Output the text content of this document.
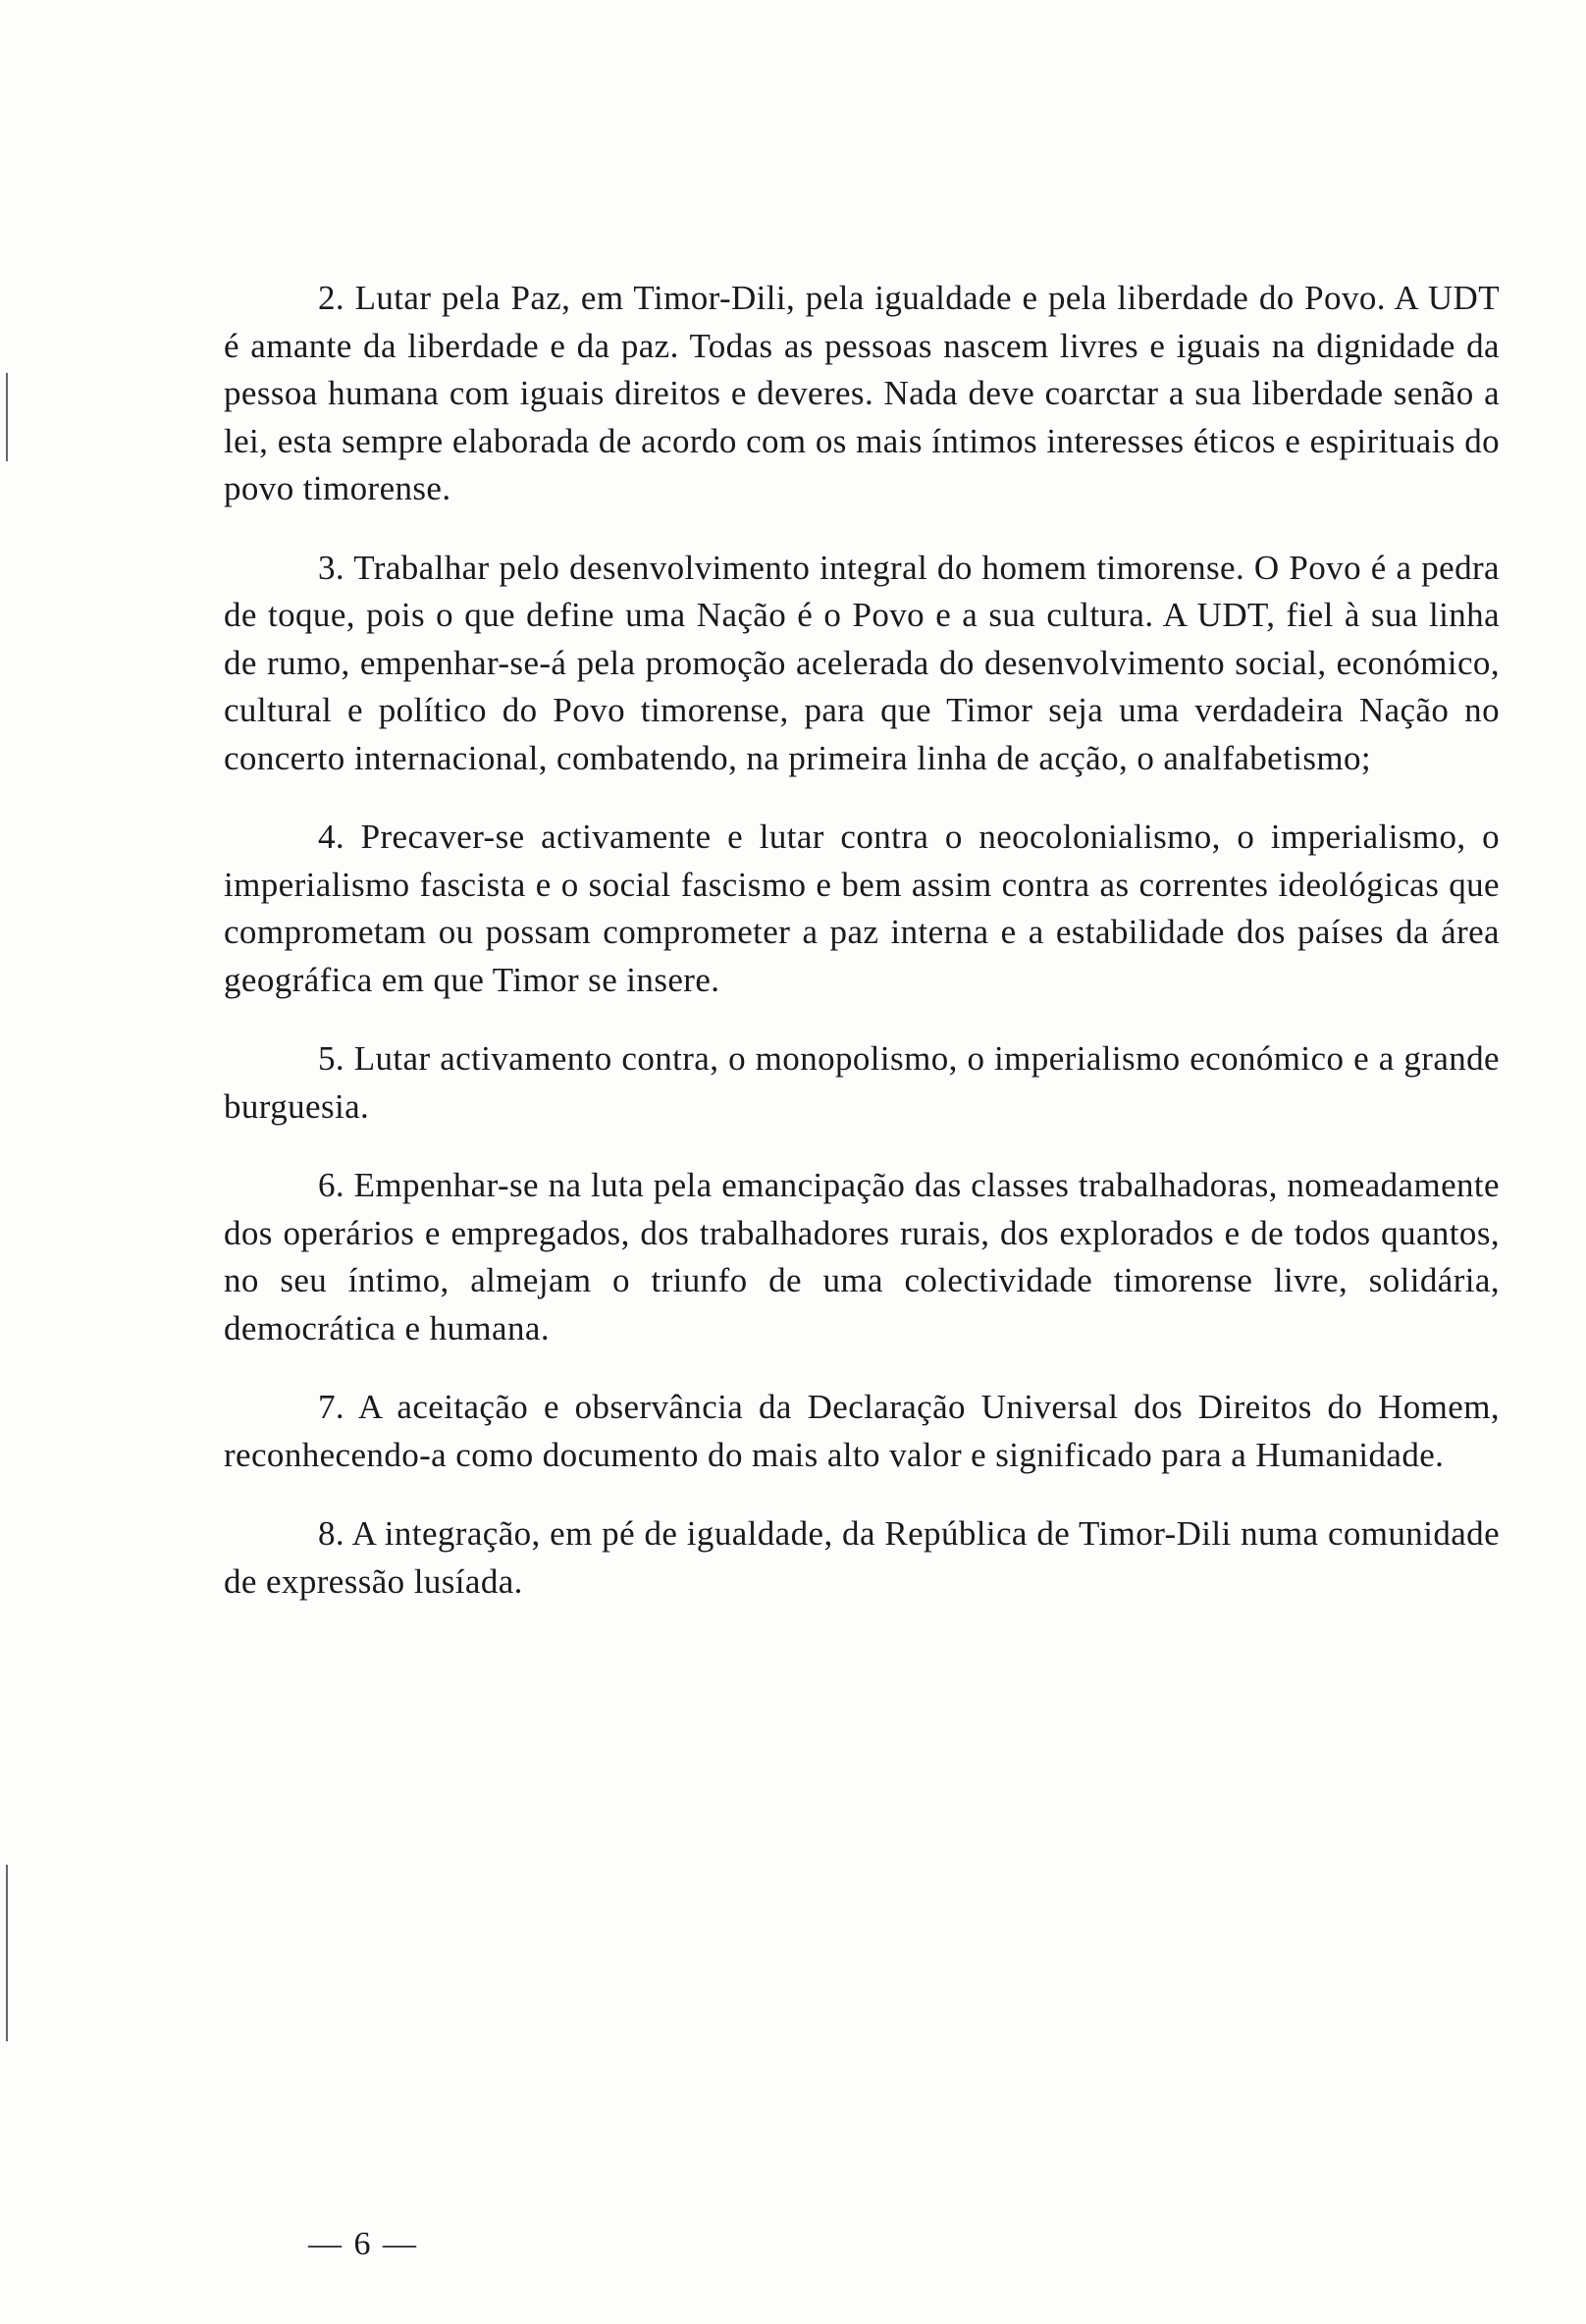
2. Lutar pela Paz, em Timor-Dili, pela igualdade e pela liberdade do Povo. A UDT é amante da liberdade e da paz. Todas as pessoas nascem livres e iguais na dignidade da pessoa humana com iguais direitos e deveres. Nada deve coarctar a sua liberdade senão a lei, esta sempre elaborada de acordo com os mais íntimos interesses éticos e espirituais do povo timorense.

3. Trabalhar pelo desenvolvimento integral do homem timorense. O Povo é a pedra de toque, pois o que define uma Nação é o Povo e a sua cultura. A UDT, fiel à sua linha de rumo, empenhar-se-á pela promoção acelerada do desenvolvimento social, económico, cultural e político do Povo timorense, para que Timor seja uma verdadeira Nação no concerto internacional, combatendo, na primeira linha de acção, o analfabetismo;

4. Precaver-se activamente e lutar contra o neocolonialismo, o imperialismo, o imperialismo fascista e o social fascismo e bem assim contra as correntes ideológicas que comprometam ou possam comprometer a paz interna e a estabilidade dos países da área geográfica em que Timor se insere.

5. Lutar activamento contra, o monopolismo, o imperialismo económico e a grande burguesia.

6. Empenhar-se na luta pela emancipação das classes trabalhadoras, nomeadamente dos operários e empregados, dos trabalhadores rurais, dos explorados e de todos quantos, no seu íntimo, almejam o triunfo de uma colectividade timorense livre, solidária, democrática e humana.

7. A aceitação e observância da Declaração Universal dos Direitos do Homem, reconhecendo-a como documento do mais alto valor e significado para a Humanidade.

8. A integração, em pé de igualdade, da República de Timor-Dili numa comunidade de expressão lusíada.

— 6 —
